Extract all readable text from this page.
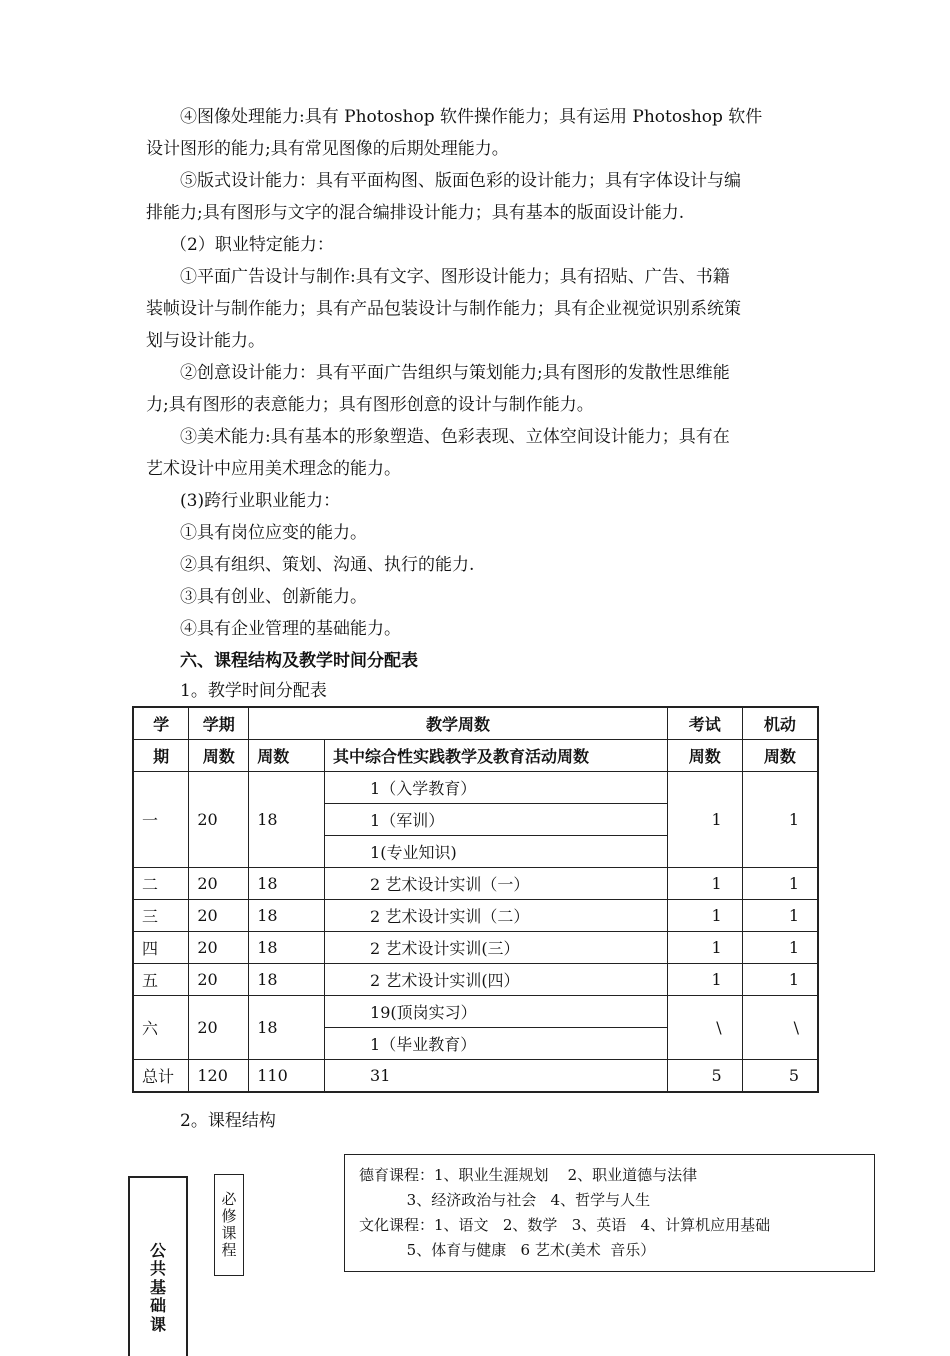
④图像处理能力:具有 Photoshop 软件操作能力；具有运用 Photoshop 软件

设计图形的能力;具有常见图像的后期处理能力。

⑤版式设计能力：具有平面构图、版面色彩的设计能力；具有字体设计与编

排能力;具有图形与文字的混合编排设计能力；具有基本的版面设计能力.

（2）职业特定能力：

①平面广告设计与制作:具有文字、图形设计能力；具有招贴、广告、书籍

装帧设计与制作能力；具有产品包装设计与制作能力；具有企业视觉识别系统策

划与设计能力。

②创意设计能力：具有平面广告组织与策划能力;具有图形的发散性思维能

力;具有图形的表意能力；具有图形创意的设计与制作能力。

③美术能力:具有基本的形象塑造、色彩表现、立体空间设计能力；具有在

艺术设计中应用美术理念的能力。

(3)跨行业职业能力：

①具有岗位应变的能力。

②具有组织、策划、沟通、执行的能力.

③具有创业、创新能力。

④具有企业管理的基础能力。

六、课程结构及教学时间分配表

1。教学时间分配表

学	学期	教学周数		考试	机动
期	周数	周数	其中综合性实践教学及教育活动周数	周数	周数
一	20	18	1（入学教育）	1	1
			1（军训）		
			1(专业知识)		
二	20	18	2 艺术设计实训（一）	1	1
三	20	18	2 艺术设计实训（二）	1	1
四	20	18	2 艺术设计实训(三）	1	1
五	20	18	2 艺术设计实训(四）	1	1
六	20	18	19(顶岗实习）	\	\
			1（毕业教育）		
总计	120	110	31	5	5

2。课程结构

公
共
基
础
课
必
修
课
程
德育课程：1、职业生涯规划    2、职业道德与法律
3、经济政治与社会   4、哲学与人生
文化课程：1、语文   2、数学   3、英语   4、计算机应用基础
5、体育与健康   6 艺术(美术  音乐）
